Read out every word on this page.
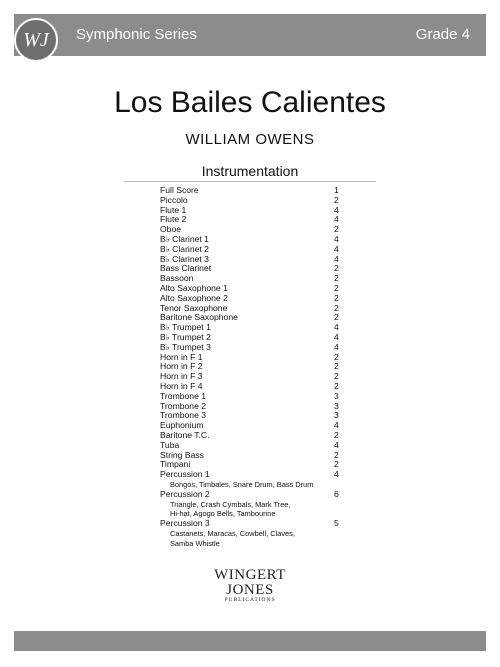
WJ Symphonic Series	Grade 4
Los Bailes Calientes
WILLIAM OWENS
Instrumentation
Full Score	1
Piccolo	2
Flute 1	4
Flute 2	4
Oboe	2
B♭ Clarinet 1	4
B♭ Clarinet 2	4
B♭ Clarinet 3	4
Bass Clarinet	2
Bassoon	2
Alto Saxophone 1	2
Alto Saxophone 2	2
Tenor Saxophone	2
Baritone Saxophone	2
B♭ Trumpet 1	4
B♭ Trumpet 2	4
B♭ Trumpet 3	4
Horn in F 1	2
Horn in F 2	2
Horn in F 3	2
Horn in F 4	2
Trombone 1	3
Trombone 2	3
Trombone 3	3
Euphonium	4
Baritone T.C.	2
Tuba	4
String Bass	2
Timpani	2
Percussion 1	4
Bongos, Timbales, Snare Drum, Bass Drum
Percussion 2	6
Triangle, Crash Cymbals, Mark Tree,
Hi-hat, Agogo Bells, Tambourine
Percussion 3	5
Castanets, Maracas, Cowbell, Claves,
Samba Whistle
WINGERT
JONES
PUBLICATIONS
